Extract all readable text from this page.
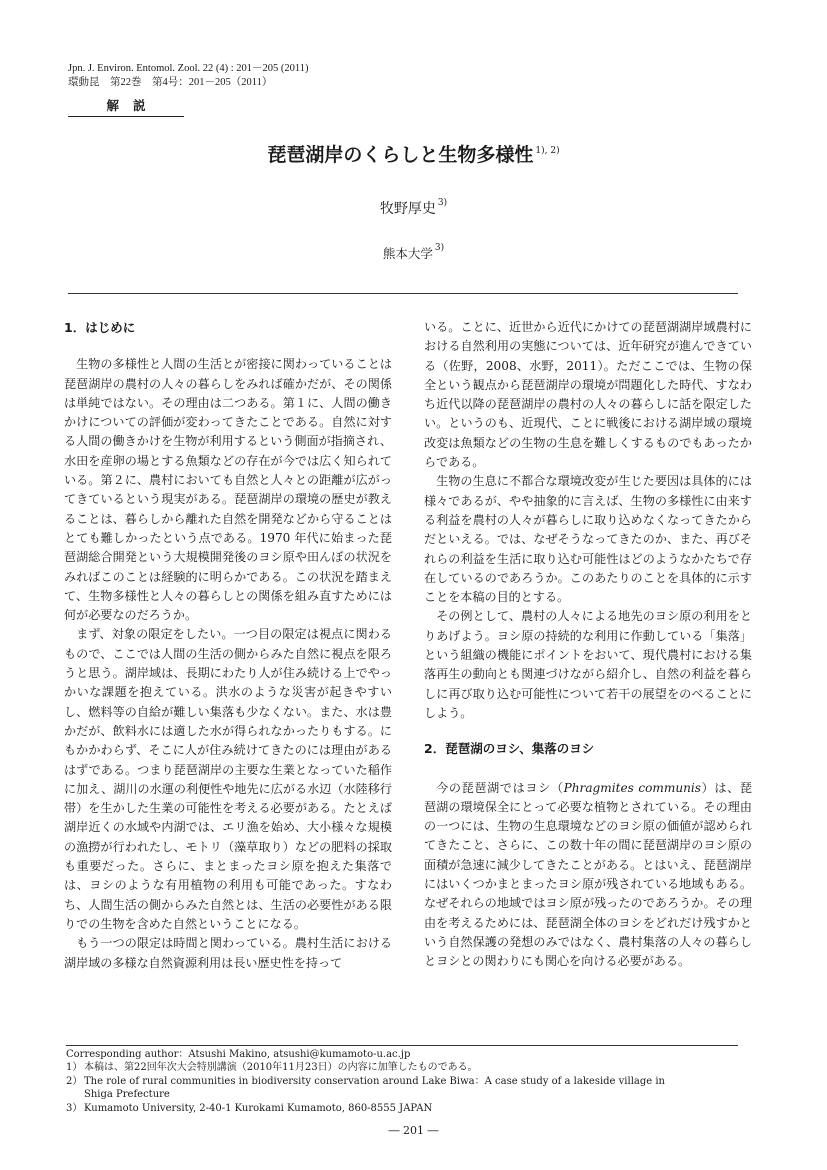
Jpn. J. Environ. Entomol. Zool. 22 (4) : 201－205 (2011)
環動昆　第22巻　第4号：201－205（2011）
解説
琵琶湖岸のくらしと生物多様性 $^{1), 2)}$
牧野厚史 $^{3)}$
熊本大学 $^{3)}$
1．はじめに

生物の多様性と人間の生活とが密接に関わっていることは琵琶湖岸の農村の人々の暮らしをみれば確かだが、その関係は単純ではない。その理由は二つある。第１に、人間の働きかけについての評価が変わってきたことである。自然に対する人間の働きかけを生物が利用するという側面が指摘され、水田を産卵の場とする魚類などの存在が今では広く知られている。第２に、農村においても自然と人々との距離が広がってきているという現実がある。琵琶湖岸の環境の歴史が教えることは、暮らしから離れた自然を開発などから守ることはとても難しかったという点である。1970 年代に始まった琵琶湖総合開発という大規模開発後のヨシ原や田んぼの状況をみればこのことは経験的に明らかである。この状況を踏まえて、生物多様性と人々の暮らしとの関係を組み直すためには何が必要なのだろうか。

まず、対象の限定をしたい。一つ目の限定は視点に関わるもので、ここでは人間の生活の側からみた自然に視点を限ろうと思う。湖岸域は、長期にわたり人が住み続ける上でやっかいな課題を抱えている。洪水のような災害が起きやすいし、燃料等の自給が難しい集落も少なくない。また、水は豊かだが、飲料水には適した水が得られなかったりもする。にもかかわらず、そこに人が住み続けてきたのには理由があるはずである。つまり琵琶湖岸の主要な生業となっていた稲作に加え、湖川の水運の利便性や地先に広がる水辺（水陸移行帯）を生かした生業の可能性を考える必要がある。たとえば湖岸近くの水域や内湖では、エリ漁を始め、大小様々な規模の漁撈が行われたし、モトリ（藻草取り）などの肥料の採取も重要だった。さらに、まとまったヨシ原を抱えた集落では、ヨシのような有用植物の利用も可能であった。すなわち、人間生活の側からみた自然とは、生活の必要性がある限りでの生物を含めた自然ということになる。

もう一つの限定は時間と関わっている。農村生活における湖岸域の多様な自然資源利用は長い歴史性を持って

いる。ことに、近世から近代にかけての琵琶湖湖岸域農村における自然利用の実態については、近年研究が進んできている（佐野，2008、水野，2011）。ただここでは、生物の保全という観点から琵琶湖岸の環境が問題化した時代、すなわち近代以降の琵琶湖岸の農村の人々の暮らしに話を限定したい。というのも、近現代、ことに戦後における湖岸域の環境改変は魚類などの生物の生息を難しくするものでもあったからである。

生物の生息に不都合な環境改変が生じた要因は具体的には様々であるが、やや抽象的に言えば、生物の多様性に由来する利益を農村の人々が暮らしに取り込めなくなってきたからだといえる。では、なぜそうなってきたのか、また、再びそれらの利益を生活に取り込む可能性はどのようなかたちで存在しているのであろうか。このあたりのことを具体的に示すことを本稿の目的とする。

その例として、農村の人々による地先のヨシ原の利用をとりあげよう。ヨシ原の持続的な利用に作動している「集落」という組織の機能にポイントをおいて、現代農村における集落再生の動向とも関連づけながら紹介し、自然の利益を暮らしに再び取り込む可能性について若干の展望をのべることにしよう。

2．琵琶湖のヨシ、集落のヨシ

今の琵琶湖ではヨシ（Phragmites communis）は、琵琶湖の環境保全にとって必要な植物とされている。その理由の一つには、生物の生息環境などのヨシ原の価値が認められてきたこと、さらに、この数十年の間に琵琶湖岸のヨシ原の面積が急速に減少してきたことがある。とはいえ、琵琶湖岸にはいくつかまとまったヨシ原が残されている地域もある。なぜそれらの地域ではヨシ原が残ったのであろうか。その理由を考えるためには、琵琶湖全体のヨシをどれだけ残すかという自然保護の発想のみではなく、農村集落の人々の暮らしとヨシとの関わりにも関心を向ける必要がある。

Corresponding author：Atsushi Makino, atsushi@kumamoto-u.ac.jp
1） 本稿は、第22回年次大会特別講演（2010年11月23日）の内容に加筆したものである。
2） The role of rural communities in biodiversity conservation around Lake Biwa：A case study of a lakeside village in
Shiga Prefecture
3） Kumamoto University, 2-40-1 Kurokami Kumamoto, 860-8555 JAPAN
― 201 ―
